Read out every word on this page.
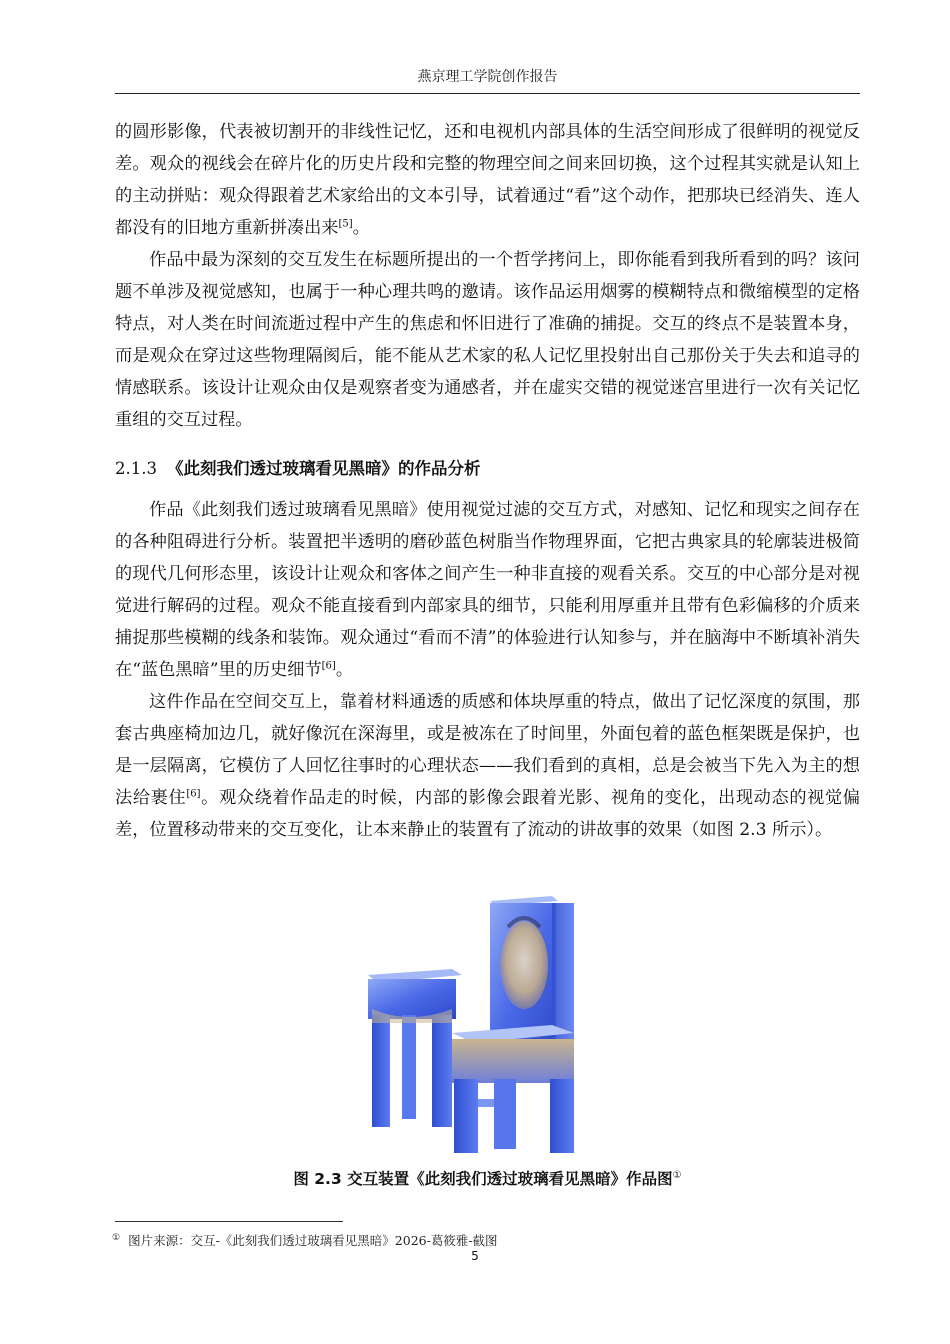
燕京理工学院创作报告

的圆形影像，代表被切割开的非线性记忆，还和电视机内部具体的生活空间形成了很鲜明的视觉反差。观众的视线会在碎片化的历史片段和完整的物理空间之间来回切换，这个过程其实就是认知上的主动拼贴：观众得跟着艺术家给出的文本引导，试着通过“看”这个动作，把那块已经消失、连人都没有的旧地方重新拼凑出来[5]。

作品中最为深刻的交互发生在标题所提出的一个哲学拷问上，即你能看到我所看到的吗？该问题不单涉及视觉感知，也属于一种心理共鸣的邀请。该作品运用烟雾的模糊特点和微缩模型的定格特点，对人类在时间流逝过程中产生的焦虑和怀旧进行了准确的捕捉。交互的终点不是装置本身，而是观众在穿过这些物理隔阂后，能不能从艺术家的私人记忆里投射出自己那份关于失去和追寻的情感联系。该设计让观众由仅是观察者变为通感者，并在虚实交错的视觉迷宫里进行一次有关记忆重组的交互过程。

2.1.3 《此刻我们透过玻璃看见黑暗》的作品分析

作品《此刻我们透过玻璃看见黑暗》使用视觉过滤的交互方式，对感知、记忆和现实之间存在的各种阻碍进行分析。装置把半透明的磨砂蓝色树脂当作物理界面，它把古典家具的轮廓装进极简的现代几何形态里，该设计让观众和客体之间产生一种非直接的观看关系。交互的中心部分是对视觉进行解码的过程。观众不能直接看到内部家具的细节，只能利用厚重并且带有色彩偏移的介质来捕捉那些模糊的线条和装饰。观众通过“看而不清”的体验进行认知参与，并在脑海中不断填补消失在“蓝色黑暗”里的历史细节[6]。

这件作品在空间交互上，靠着材料通透的质感和体块厚重的特点，做出了记忆深度的氛围，那套古典座椅加边几，就好像沉在深海里，或是被冻在了时间里，外面包着的蓝色框架既是保护，也是一层隔离，它模仿了人回忆往事时的心理状态——我们看到的真相，总是会被当下先入为主的想法给裹住[6]。观众绕着作品走的时候，内部的影像会跟着光影、视角的变化，出现动态的视觉偏差，位置移动带来的交互变化，让本来静止的装置有了流动的讲故事的效果（如图 2.3 所示）。

图 2.3 交互装置《此刻我们透过玻璃看见黑暗》作品图①
① 图片来源：交互-《此刻我们透过玻璃看见黑暗》2026-葛筱雅-截图
5
